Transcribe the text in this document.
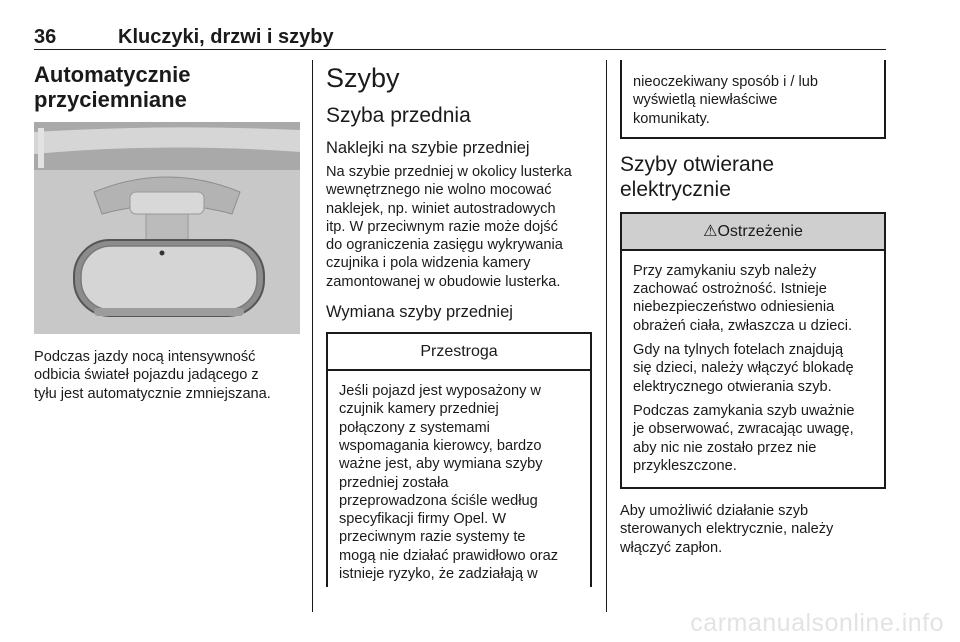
36	Kluczyki, drzwi i szyby
Automatycznie
przyciemniane
Podczas jazdy nocą intensywność
odbicia świateł pojazdu jadącego z
tyłu jest automatycznie zmniejszana.
Szyby
Szyba przednia
Naklejki na szybie przedniej
Na szybie przedniej w okolicy lusterka
wewnętrznego nie wolno mocować
naklejek, np. winiet autostradowych
itp. W przeciwnym razie może dojść
do ograniczenia zasięgu wykrywania
czujnika i pola widzenia kamery
zamontowanej w obudowie lusterka.
Wymiana szyby przedniej
Przestroga
Jeśli pojazd jest wyposażony w
czujnik kamery przedniej
połączony z systemami
wspomagania kierowcy, bardzo
ważne jest, aby wymiana szyby
przedniej została
przeprowadzona ściśle według
specyfikacji firmy Opel. W
przeciwnym razie systemy te
mogą nie działać prawidłowo oraz
istnieje ryzyko, że zadziałają w
nieoczekiwany sposób i / lub
wyświetlą niewłaściwe
komunikaty.
Szyby otwierane
elektrycznie
⚠Ostrzeżenie

Przy zamykaniu szyb należy
zachować ostrożność. Istnieje
niebezpieczeństwo odniesienia
obrażeń ciała, zwłaszcza u dzieci.

Gdy na tylnych fotelach znajdują
się dzieci, należy włączyć blokadę
elektrycznego otwierania szyb.

Podczas zamykania szyb uważnie
je obserwować, zwracając uwagę,
aby nic nie zostało przez nie
przykleszczone.

Aby umożliwić działanie szyb
sterowanych elektrycznie, należy
włączyć zapłon.
carmanualsonline.info
